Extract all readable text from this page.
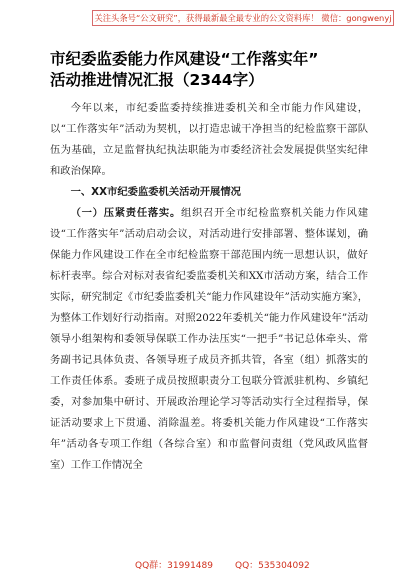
关注头条号“公文研究”，获得最新最全最专业的公文资料库！ 微信：gongwenyj
市纪委监委能力作风建设“工作落实年”
活动推进情况汇报（2344字）

今年以来，市纪委监委持续推进委机关和全市能力作风建设，以“工作落实年”活动为契机，以打造忠诚干净担当的纪检监察干部队伍为基础，立足监督执纪执法职能为市委经济社会发展提供坚实纪律和政治保障。

一、XX市纪委监委机关活动开展情况

（一）压紧责任落实。组织召开全市纪检监察机关能力作风建设“工作落实年”活动启动会议，对活动进行安排部署、整体谋划，确保能力作风建设工作在全市纪检监察干部范围内统一思想认识，做好标杆表率。综合对标对表省纪委监委机关和XX市活动方案，结合工作实际，研究制定《市纪委监委机关“能力作风建设年”活动实施方案》，为整体工作划好行动指南。对照2022年委机关“能力作风建设年”活动领导小组架构和委领导保联工作办法压实“一把手”书记总体牵头、常务副书记具体负责、各领导班子成员齐抓共管，各室（组）抓落实的工作责任体系。委班子成员按照职责分工包联分管派驻机构、乡镇纪委，对参加集中研讨、开展政治理论学习等活动实行全过程指导，保证活动要求上下贯通、消除温差。将委机关能力作风建设“工作落实年”活动各专项工作组（各综合室）和市监督问责组（党风政风监督室）工作工作情况全

QQ群：31991489 QQ：535304092
